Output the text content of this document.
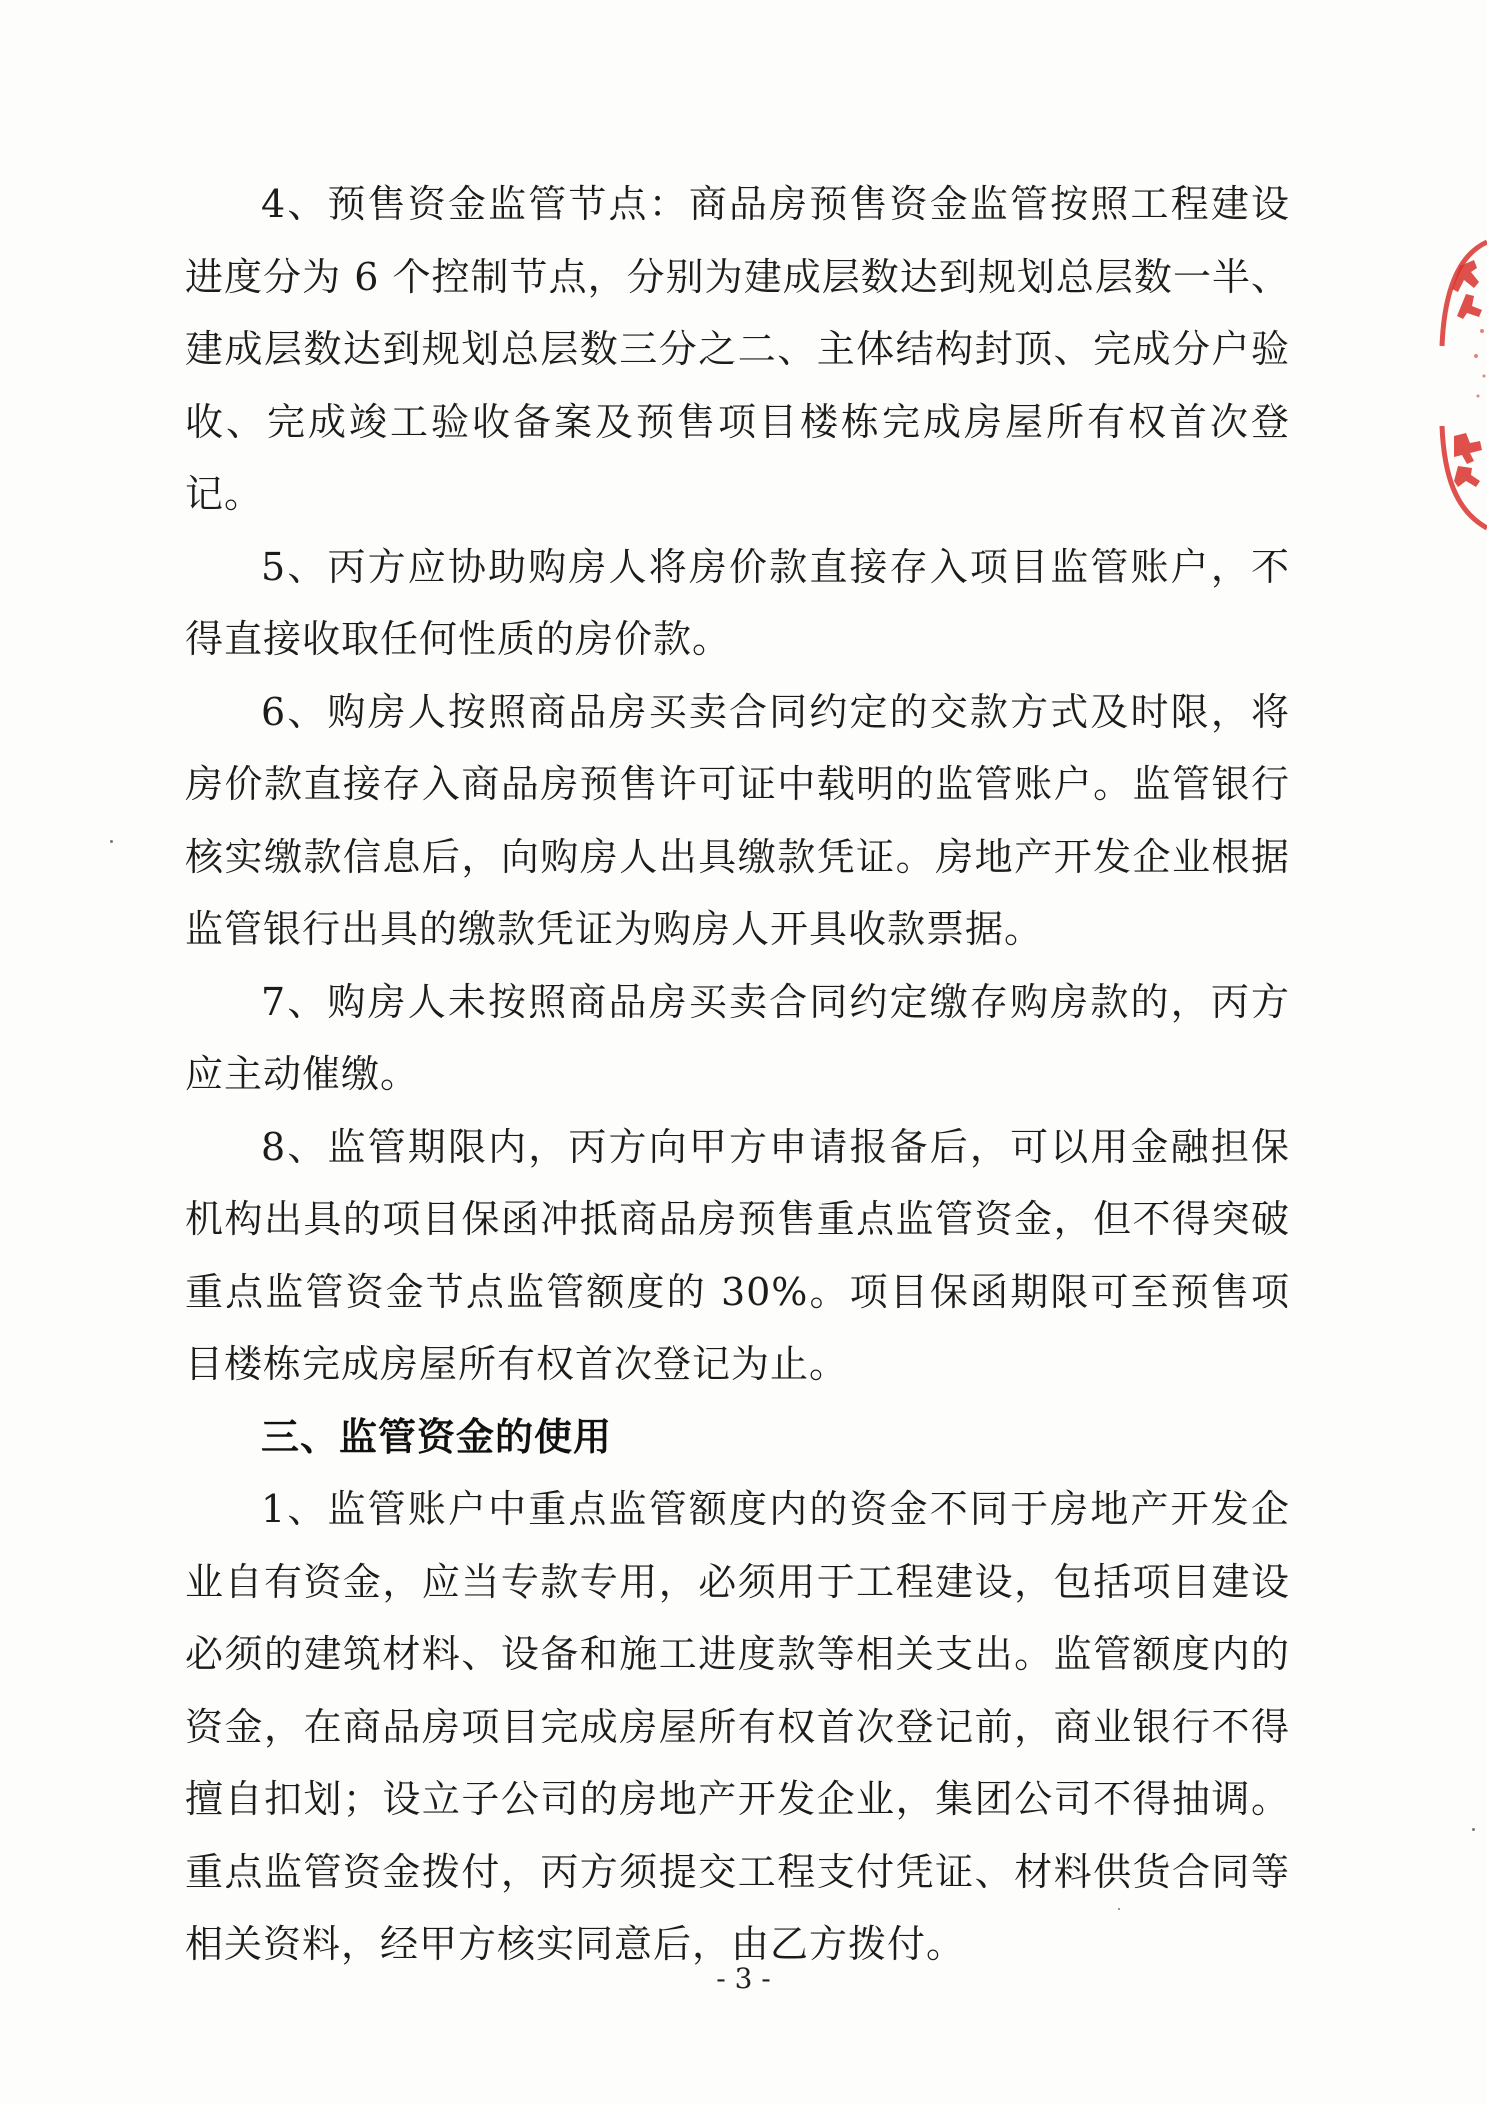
4、预售资金监管节点：商品房预售资金监管按照工程建设进度分为 6 个控制节点，分别为建成层数达到规划总层数一半、建成层数达到规划总层数三分之二、主体结构封顶、完成分户验收、完成竣工验收备案及预售项目楼栋完成房屋所有权首次登记。

5、丙方应协助购房人将房价款直接存入项目监管账户，不得直接收取任何性质的房价款。

6、购房人按照商品房买卖合同约定的交款方式及时限，将房价款直接存入商品房预售许可证中载明的监管账户。监管银行核实缴款信息后，向购房人出具缴款凭证。房地产开发企业根据监管银行出具的缴款凭证为购房人开具收款票据。

7、购房人未按照商品房买卖合同约定缴存购房款的，丙方应主动催缴。

8、监管期限内，丙方向甲方申请报备后，可以用金融担保机构出具的项目保函冲抵商品房预售重点监管资金，但不得突破重点监管资金节点监管额度的 30%。项目保函期限可至预售项目楼栋完成房屋所有权首次登记为止。

三、监管资金的使用

1、监管账户中重点监管额度内的资金不同于房地产开发企业自有资金，应当专款专用，必须用于工程建设，包括项目建设必须的建筑材料、设备和施工进度款等相关支出。监管额度内的资金，在商品房项目完成房屋所有权首次登记前，商业银行不得擅自扣划；设立子公司的房地产开发企业，集团公司不得抽调。重点监管资金拨付，丙方须提交工程支付凭证、材料供货合同等相关资料，经甲方核实同意后，由乙方拨付。

- 3 -
